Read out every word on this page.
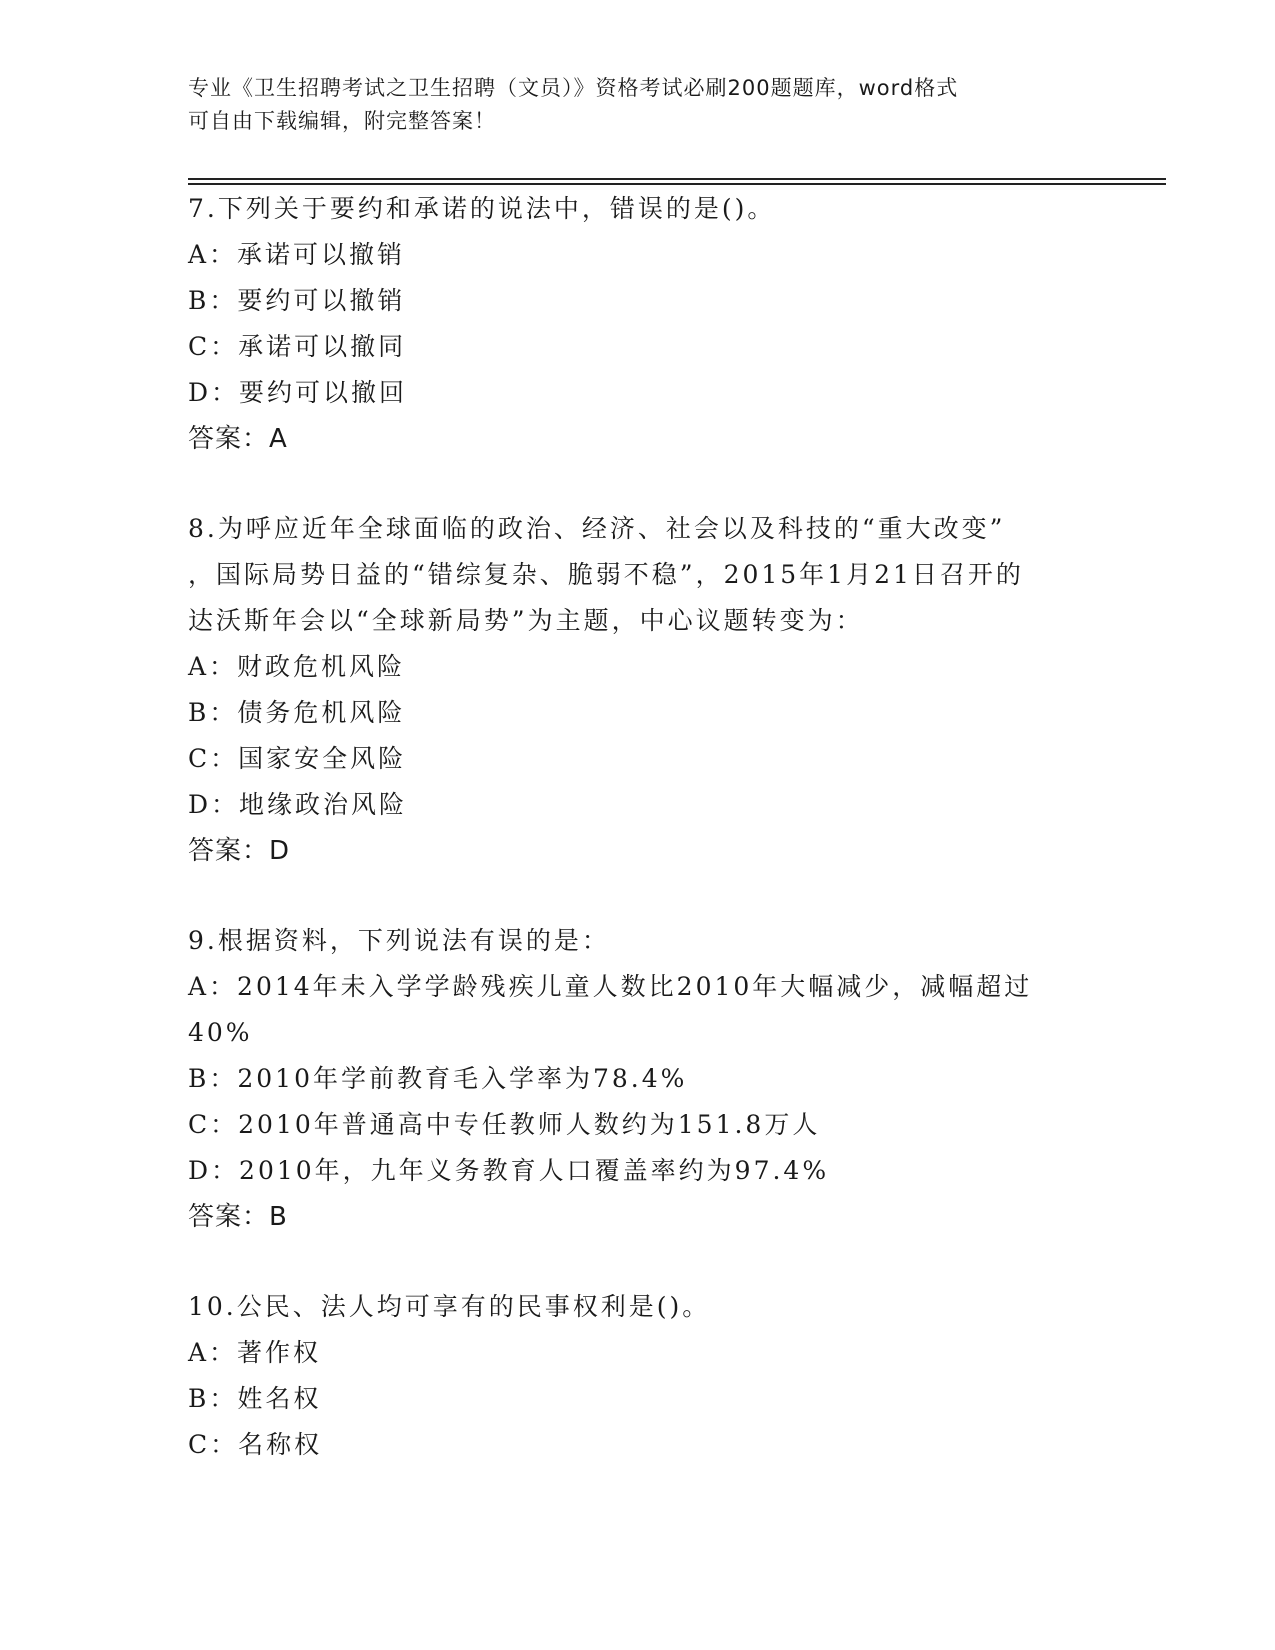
专业《卫生招聘考试之卫生招聘（文员）》资格考试必刷200题题库，word格式
可自由下载编辑，附完整答案！
7.下列关于要约和承诺的说法中，错误的是()。
A：承诺可以撤销
B：要约可以撤销
C：承诺可以撤同
D：要约可以撤回
答案：A
8.为呼应近年全球面临的政治、经济、社会以及科技的“重大改变”
，国际局势日益的“错综复杂、脆弱不稳”，2015年1月21日召开的
达沃斯年会以“全球新局势”为主题，中心议题转变为：
A：财政危机风险
B：债务危机风险
C：国家安全风险
D：地缘政治风险
答案：D
9.根据资料，下列说法有误的是：
A：2014年未入学学龄残疾儿童人数比2010年大幅减少，减幅超过
40%
B：2010年学前教育毛入学率为78.4%
C：2010年普通高中专任教师人数约为151.8万人
D：2010年，九年义务教育人口覆盖率约为97.4%
答案：B
10.公民、法人均可享有的民事权利是()。
A：著作权
B：姓名权
C：名称权
